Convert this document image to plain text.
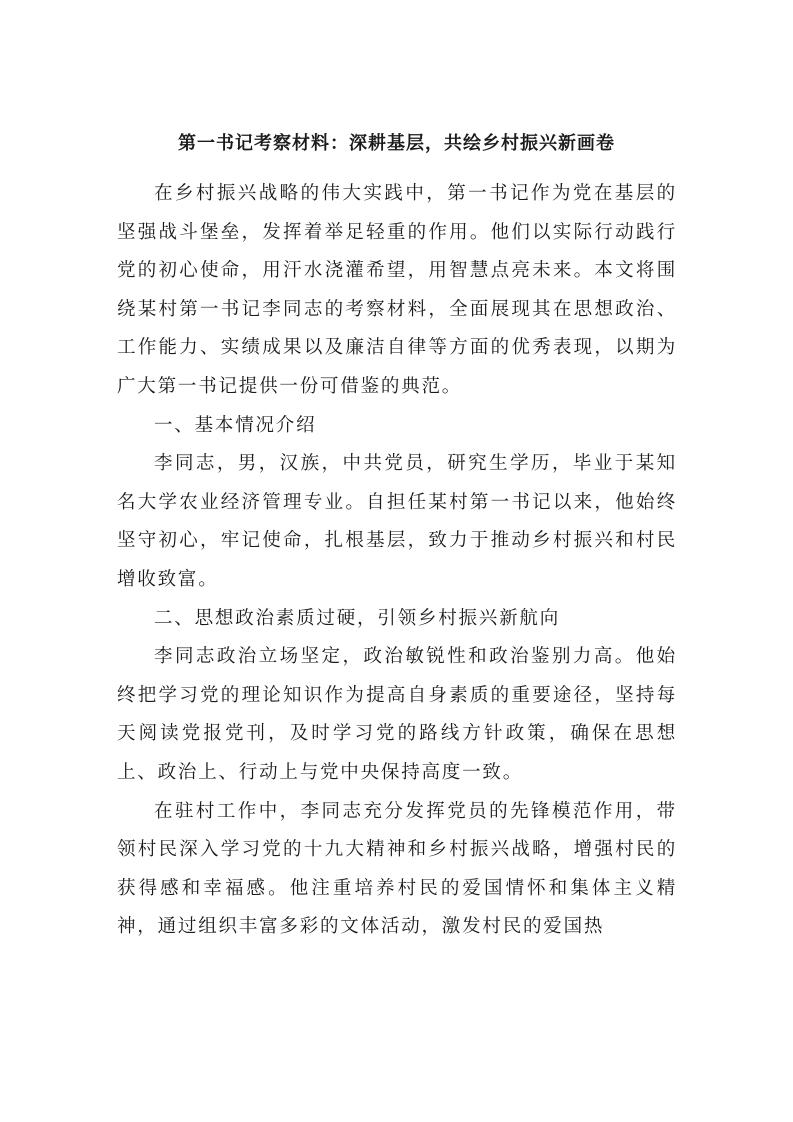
第一书记考察材料：深耕基层，共绘乡村振兴新画卷

在乡村振兴战略的伟大实践中，第一书记作为党在基层的坚强战斗堡垒，发挥着举足轻重的作用。他们以实际行动践行党的初心使命，用汗水浇灌希望，用智慧点亮未来。本文将围绕某村第一书记李同志的考察材料，全面展现其在思想政治、工作能力、实绩成果以及廉洁自律等方面的优秀表现，以期为广大第一书记提供一份可借鉴的典范。

一、基本情况介绍

李同志，男，汉族，中共党员，研究生学历，毕业于某知名大学农业经济管理专业。自担任某村第一书记以来，他始终坚守初心，牢记使命，扎根基层，致力于推动乡村振兴和村民增收致富。

二、思想政治素质过硬，引领乡村振兴新航向

李同志政治立场坚定，政治敏锐性和政治鉴别力高。他始终把学习党的理论知识作为提高自身素质的重要途径，坚持每天阅读党报党刊，及时学习党的路线方针政策，确保在思想上、政治上、行动上与党中央保持高度一致。

在驻村工作中，李同志充分发挥党员的先锋模范作用，带领村民深入学习党的十九大精神和乡村振兴战略，增强村民的获得感和幸福感。他注重培养村民的爱国情怀和集体主义精神，通过组织丰富多彩的文体活动，激发村民的爱国热
